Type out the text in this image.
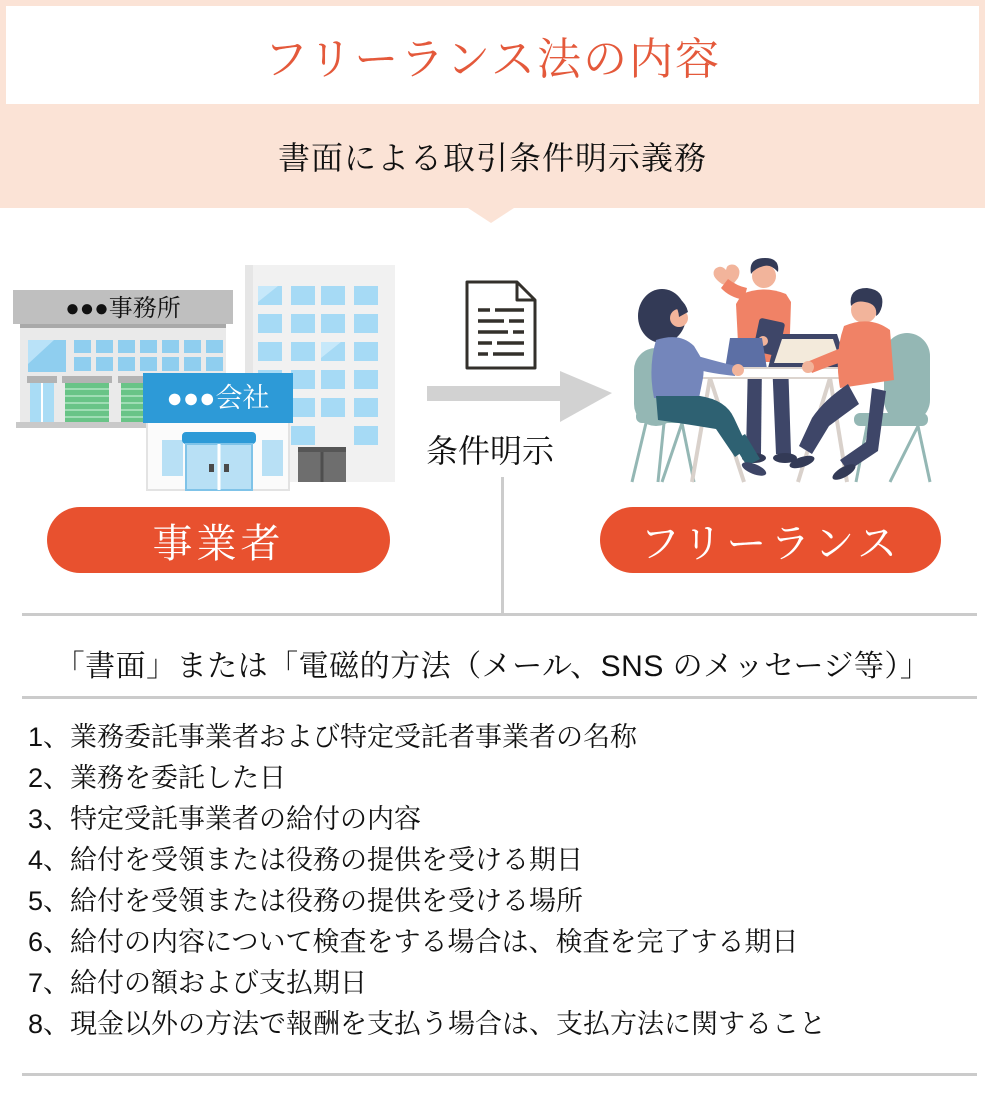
フリーランス法の内容
書面による取引条件明示義務
●●●事務所
●●●会社
条件明示
事業者	フリーランス
「書面」または「電磁的方法（メール、SNS のメッセージ等）」
1、業務委託事業者および特定受託者事業者の名称
2、業務を委託した日
3、特定受託事業者の給付の内容
4、給付を受領または役務の提供を受ける期日
5、給付を受領または役務の提供を受ける場所
6、給付の内容について検査をする場合は、検査を完了する期日
7、給付の額および支払期日
8、現金以外の方法で報酬を支払う場合は、支払方法に関すること
